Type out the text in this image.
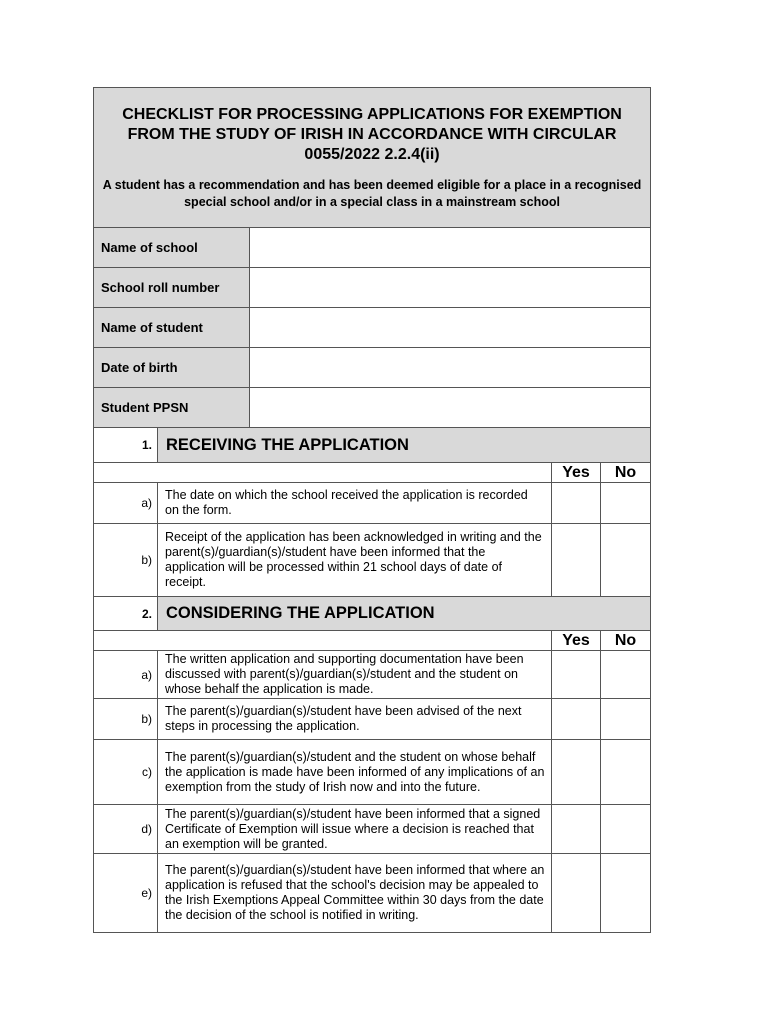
CHECKLIST FOR PROCESSING APPLICATIONS FOR EXEMPTION FROM THE STUDY OF IRISH IN ACCORDANCE WITH CIRCULAR 0055/2022 2.2.4(ii)
A student has a recommendation and has been deemed eligible for a place in a recognised special school and/or in a special class in a mainstream school				

Name of school				
School roll number				
Name of student				
Date of birth				
Student PPSN				
1.	RECEIVING THE APPLICATION			
			Yes	No
a)	The date on which the school received the application is recorded on the form.			
b)	Receipt of the application has been acknowledged in writing and the parent(s)/guardian(s)/student have been informed that the application will be processed within 21 school days of date of receipt.			
2.	CONSIDERING THE APPLICATION			
			Yes	No
a)	The written application and supporting documentation have been discussed with parent(s)/guardian(s)/student and the student on whose behalf the application is made.			
b)	The parent(s)/guardian(s)/student have been advised of the next steps in processing the application.			
c)	The parent(s)/guardian(s)/student and the student on whose behalf the application is made have been informed of any implications of an exemption from the study of Irish now and into the future.			
d)	The parent(s)/guardian(s)/student have been informed that a signed Certificate of Exemption will issue where a decision is reached that an exemption will be granted.			
e)	The parent(s)/guardian(s)/student have been informed that where an application is refused that the school's decision may be appealed to the Irish Exemptions Appeal Committee within 30 days from the date the decision of the school is notified in writing.			
